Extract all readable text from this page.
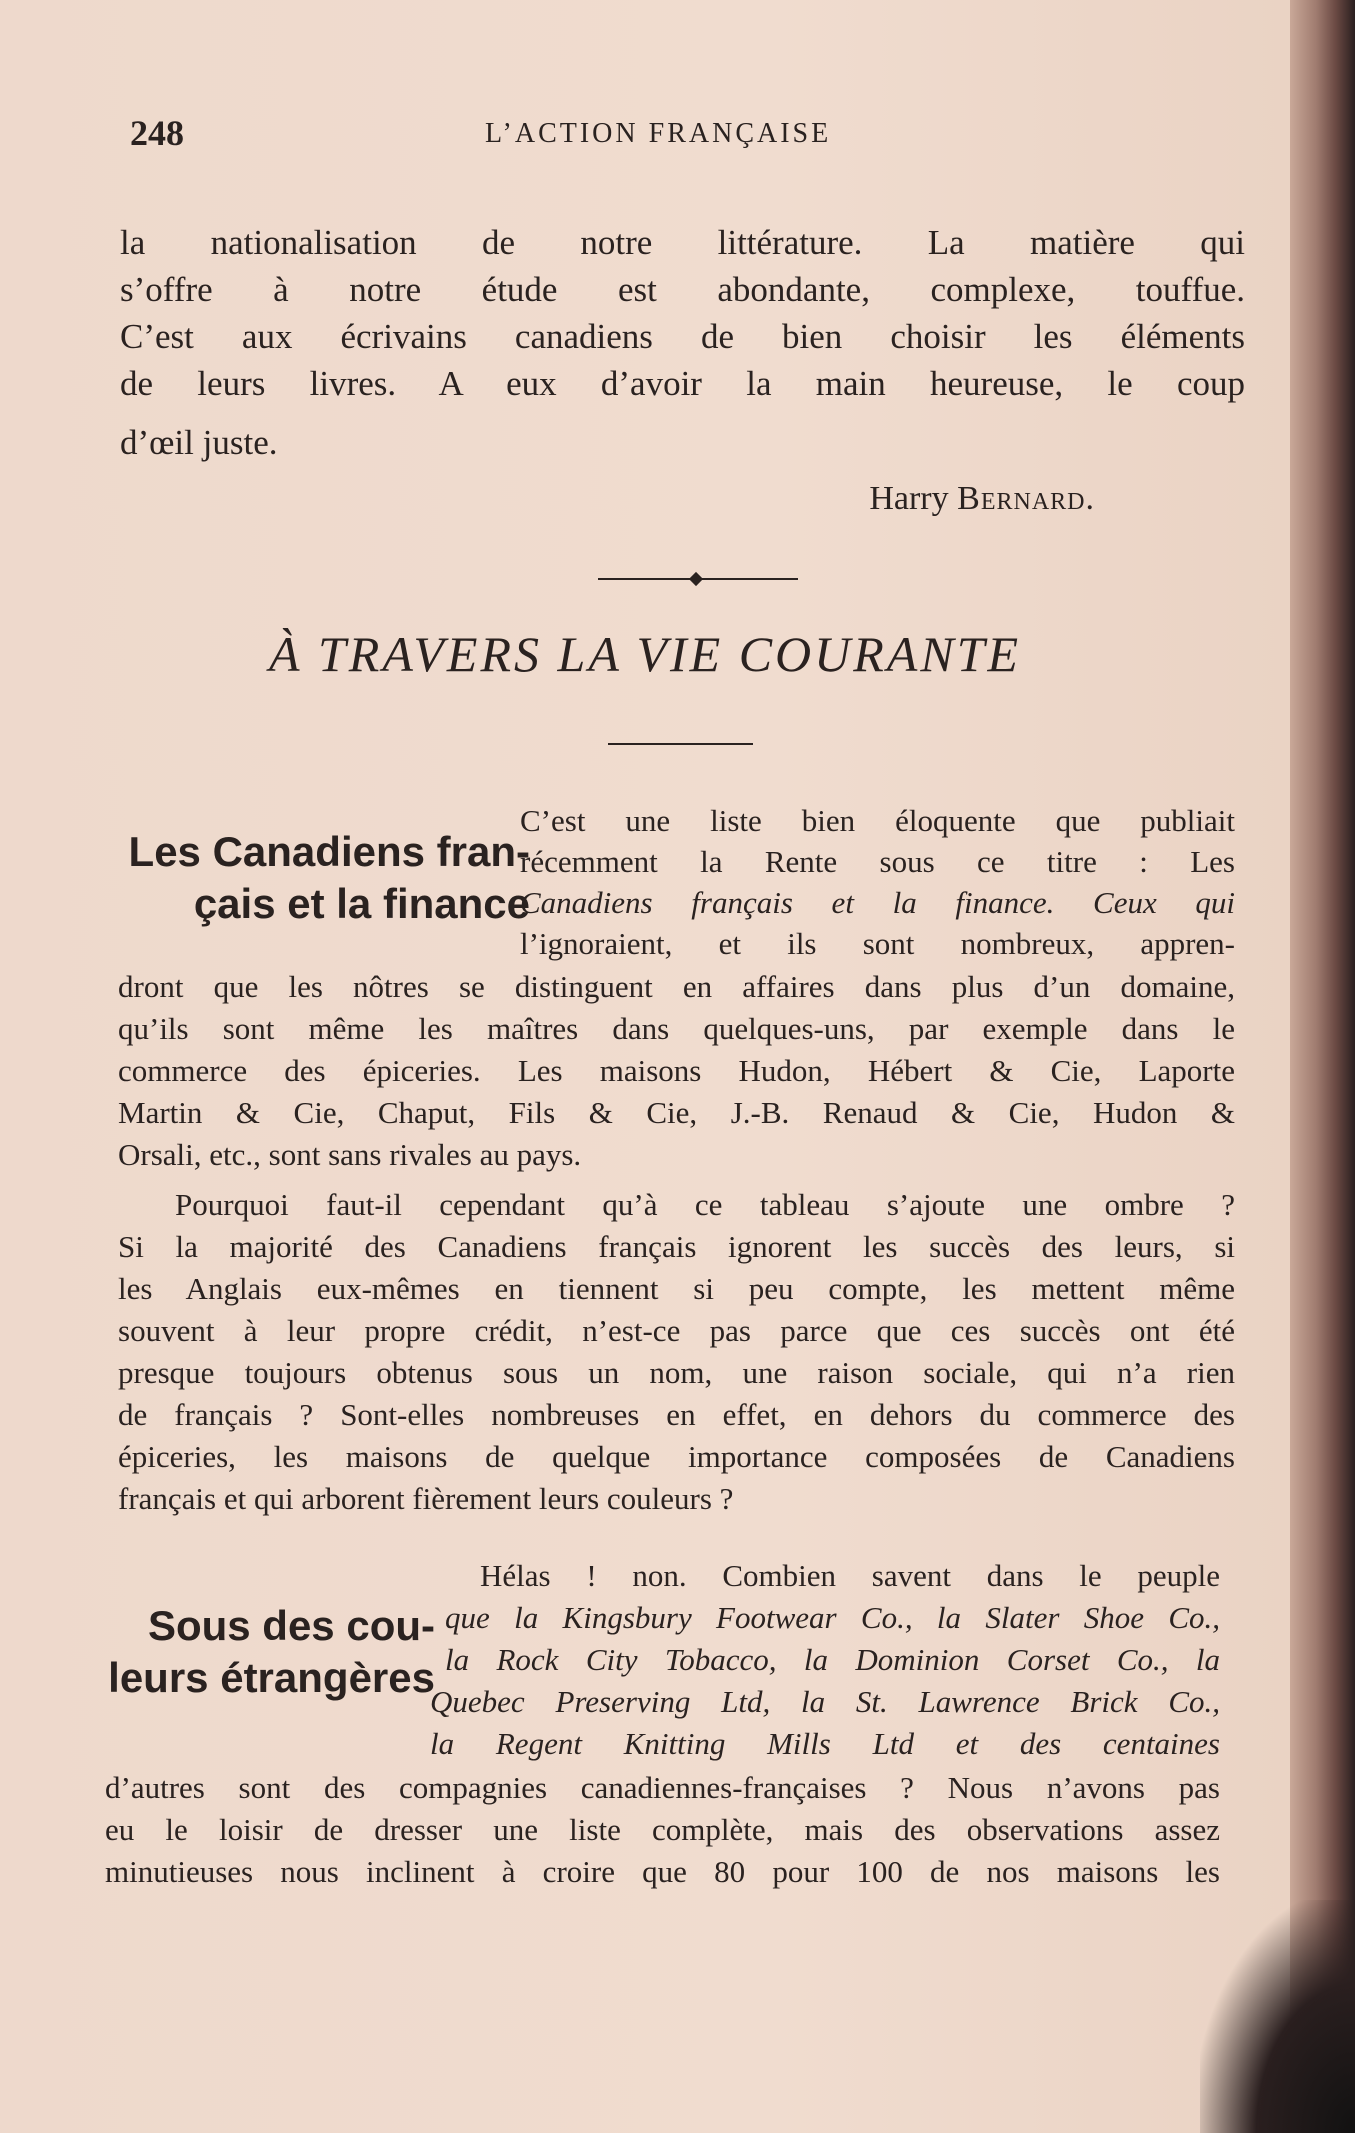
248	L’ACTION FRANÇAISE
la nationalisation de notre littérature. La matière qui
s’offre à notre étude est abondante, complexe, touffue.
C’est aux écrivains canadiens de bien choisir les éléments
de leurs livres. A eux d’avoir la main heureuse, le coup
d’œil juste.
Harry Bernard.
À TRAVERS LA VIE COURANTE
Les Canadiens fran-
çais et la finance
C’est une liste bien éloquente que publiait
récemment la Rente sous ce titre : Les
Canadiens français et la finance. Ceux qui
l’ignoraient, et ils sont nombreux, appren-
dront que les nôtres se distinguent en affaires dans plus d’un domaine,
qu’ils sont même les maîtres dans quelques-uns, par exemple dans le
commerce des épiceries. Les maisons Hudon, Hébert & Cie, Laporte
Martin & Cie, Chaput, Fils & Cie, J.-B. Renaud & Cie, Hudon &
Orsali, etc., sont sans rivales au pays.
Pourquoi faut-il cependant qu’à ce tableau s’ajoute une ombre ?
Si la majorité des Canadiens français ignorent les succès des leurs, si
les Anglais eux-mêmes en tiennent si peu compte, les mettent même
souvent à leur propre crédit, n’est-ce pas parce que ces succès ont été
presque toujours obtenus sous un nom, une raison sociale, qui n’a rien
de français ? Sont-elles nombreuses en effet, en dehors du commerce des
épiceries, les maisons de quelque importance composées de Canadiens
français et qui arborent fièrement leurs couleurs ?
Sous des cou-
leurs étrangères
Hélas ! non. Combien savent dans le peuple
que la Kingsbury Footwear Co., la Slater Shoe Co.,
la Rock City Tobacco, la Dominion Corset Co., la
Quebec Preserving Ltd, la St. Lawrence Brick Co.,
la Regent Knitting Mills Ltd et des centaines
d’autres sont des compagnies canadiennes-françaises ? Nous n’avons pas
eu le loisir de dresser une liste complète, mais des observations assez
minutieuses nous inclinent à croire que 80 pour 100 de nos maisons les
